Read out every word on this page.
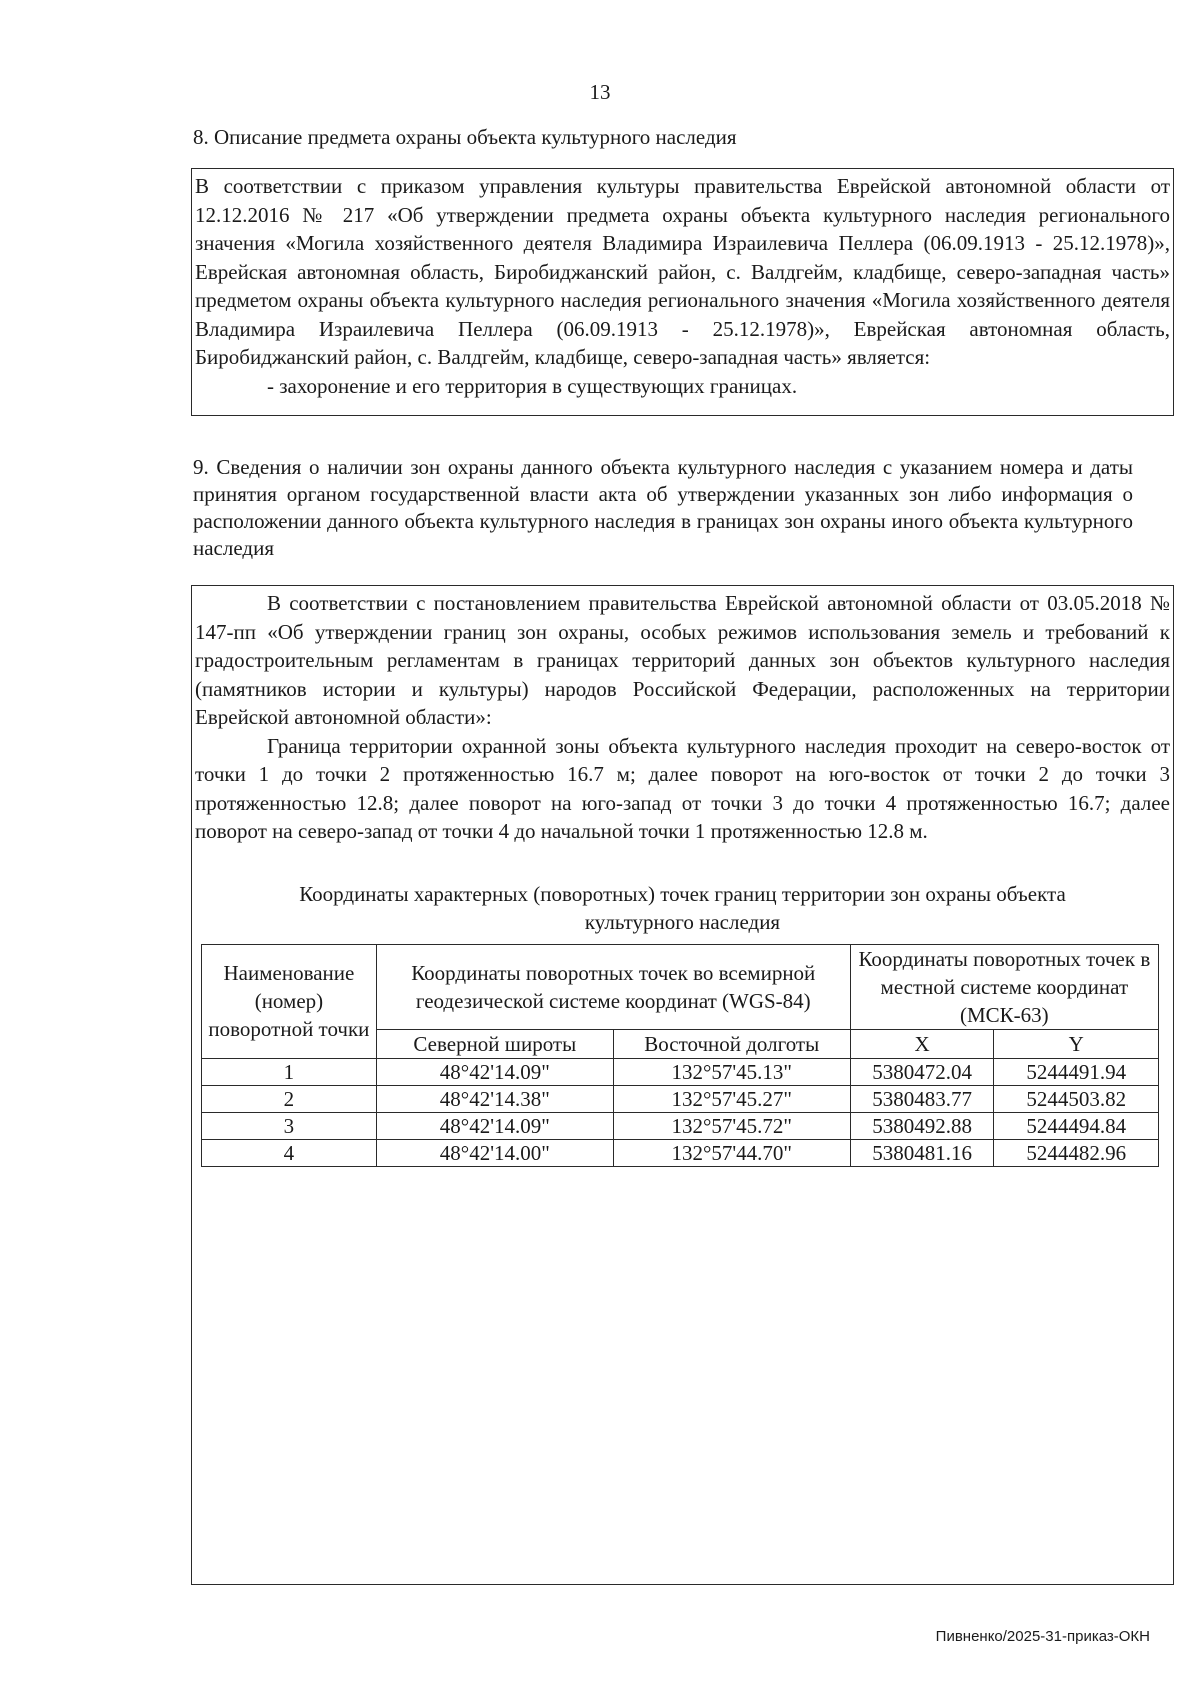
13
8. Описание предмета охраны объекта культурного наследия

В соответствии с приказом управления культуры правительства Еврейской автономной области от 12.12.2016 № 217 «Об утверждении предмета охраны объекта культурного наследия регионального значения «Могила хозяйственного деятеля Владимира Израилевича Пеллера (06.09.1913 - 25.12.1978)», Еврейская автономная область, Биробиджанский район, с. Валдгейм, кладбище, северо-западная часть» предметом охраны объекта культурного наследия регионального значения «Могила хозяйственного деятеля Владимира Израилевича Пеллера (06.09.1913 - 25.12.1978)», Еврейская автономная область, Биробиджанский район, с. Валдгейм, кладбище, северо-западная часть» является:

- захоронение и его территория в существующих границах.

9. Сведения о наличии зон охраны данного объекта культурного наследия с указанием номера и даты принятия органом государственной власти акта об утверждении указанных зон либо информация о расположении данного объекта культурного наследия в границах зон охраны иного объекта культурного наследия

В соответствии с постановлением правительства Еврейской автономной области от 03.05.2018 № 147-пп «Об утверждении границ зон охраны, особых режимов использования земель и требований к градостроительным регламентам в границах территорий данных зон объектов культурного наследия (памятников истории и культуры) народов Российской Федерации, расположенных на территории Еврейской автономной области»:

Граница территории охранной зоны объекта культурного наследия проходит на северо-восток от точки 1 до точки 2 протяженностью 16.7 м; далее поворот на юго-восток от точки 2 до точки 3 протяженностью 12.8; далее поворот на юго-запад от точки 3 до точки 4 протяженностью 16.7; далее поворот на северо-запад от точки 4 до начальной точки 1 протяженностью 12.8 м.

Координаты характерных (поворотных) точек границ территории зон охраны объекта культурного наследия
Наименование (номер) поворотной точки	Координаты поворотных точек во всемирной геодезической системе координат (WGS-84)		Координаты поворотных точек в местной системе координат (МСК-63)	
	Северной широты	Восточной долготы	X	Y
1	48°42'14.09"	132°57'45.13"	5380472.04	5244491.94
2	48°42'14.38"	132°57'45.27"	5380483.77	5244503.82
3	48°42'14.09"	132°57'45.72"	5380492.88	5244494.84
4	48°42'14.00"	132°57'44.70"	5380481.16	5244482.96
Пивненко/2025-31-приказ-ОКН
